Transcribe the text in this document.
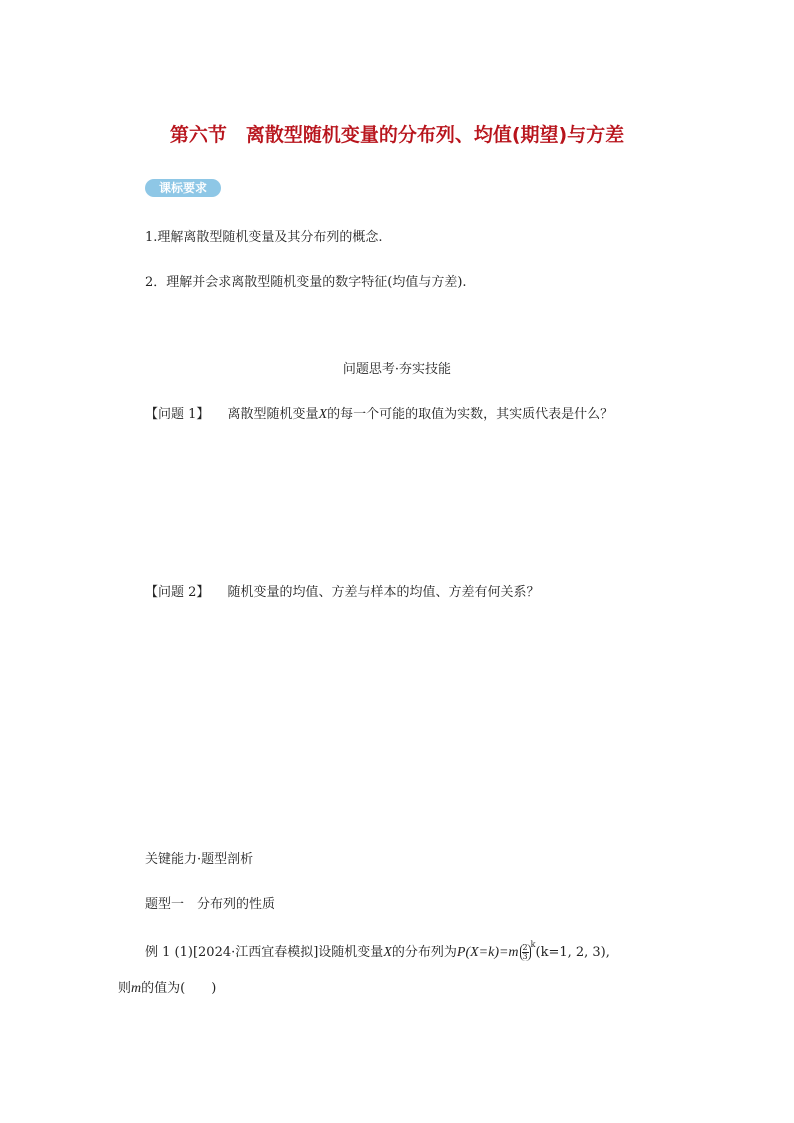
第六节　离散型随机变量的分布列、均值(期望)与方差
课标要求
1.理解离散型随机变量及其分布列的概念.
2．理解并会求离散型随机变量的数字特征(均值与方差).
问题思考·夯实技能
【问题 1】 离散型随机变量X的每一个可能的取值为实数，其实质代表是什么？
【问题 2】 随机变量的均值、方差与样本的均值、方差有何关系？
关键能力·题型剖析
题型一　分布列的性质
例 1 (1)[2024·江西宜春模拟]设随机变量X的分布列为$P(X=k)=m \frac{2}{3} ^k(k=1$, 2, 3),
则m的值为(　　)
